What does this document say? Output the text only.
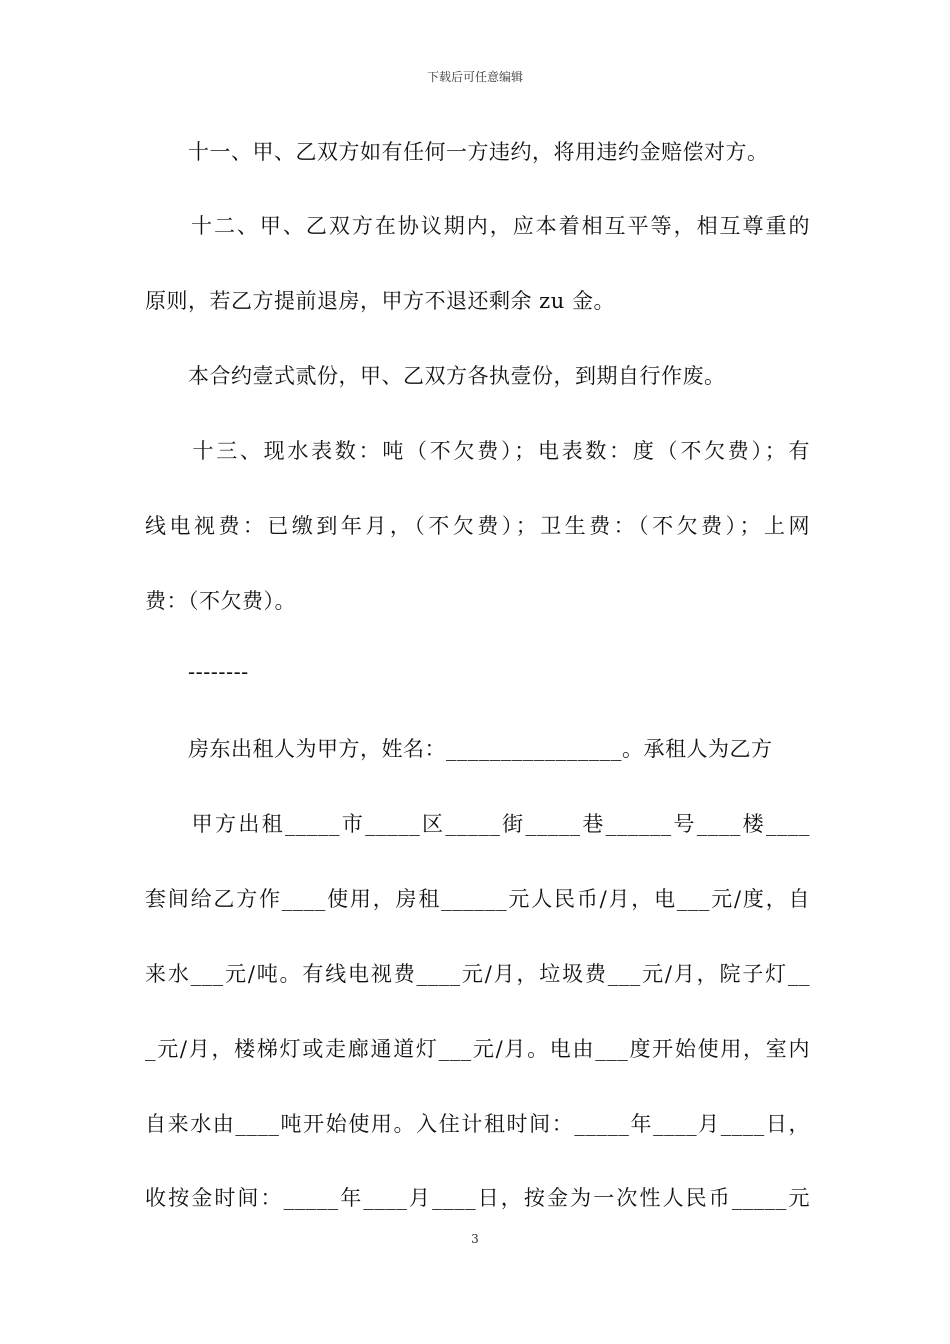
下载后可任意编辑
　　十一、甲、乙双方如有任何一方违约，将用违约金赔偿对方。
　　十二、甲、乙双方在协议期内，应本着相互平等，相互尊重的
原则，若乙方提前退房，甲方不退还剩余 zu 金。
　　本合约壹式贰份，甲、乙双方各执壹份，到期自行作废。
　　十三、现水表数：吨（不欠费）；电表数：度（不欠费）；有
线电视费：已缴到年月，（不欠费）；卫生费：（不欠费）；上网
费：（不欠费）。
　　--------
　　房东出租人为甲方，姓名：________________。承租人为乙方
　　甲方出租_____市_____区_____街_____巷______号____楼____
套间给乙方作____使用，房租______元人民币/月，电___元/度，自
来水___元/吨。有线电视费____元/月，垃圾费___元/月，院子灯__
_元/月，楼梯灯或走廊通道灯___元/月。电由___度开始使用，室内
自来水由____吨开始使用。入住计租时间：_____年____月____日，
收按金时间：_____年____月____日，按金为一次性人民币_____元
3
